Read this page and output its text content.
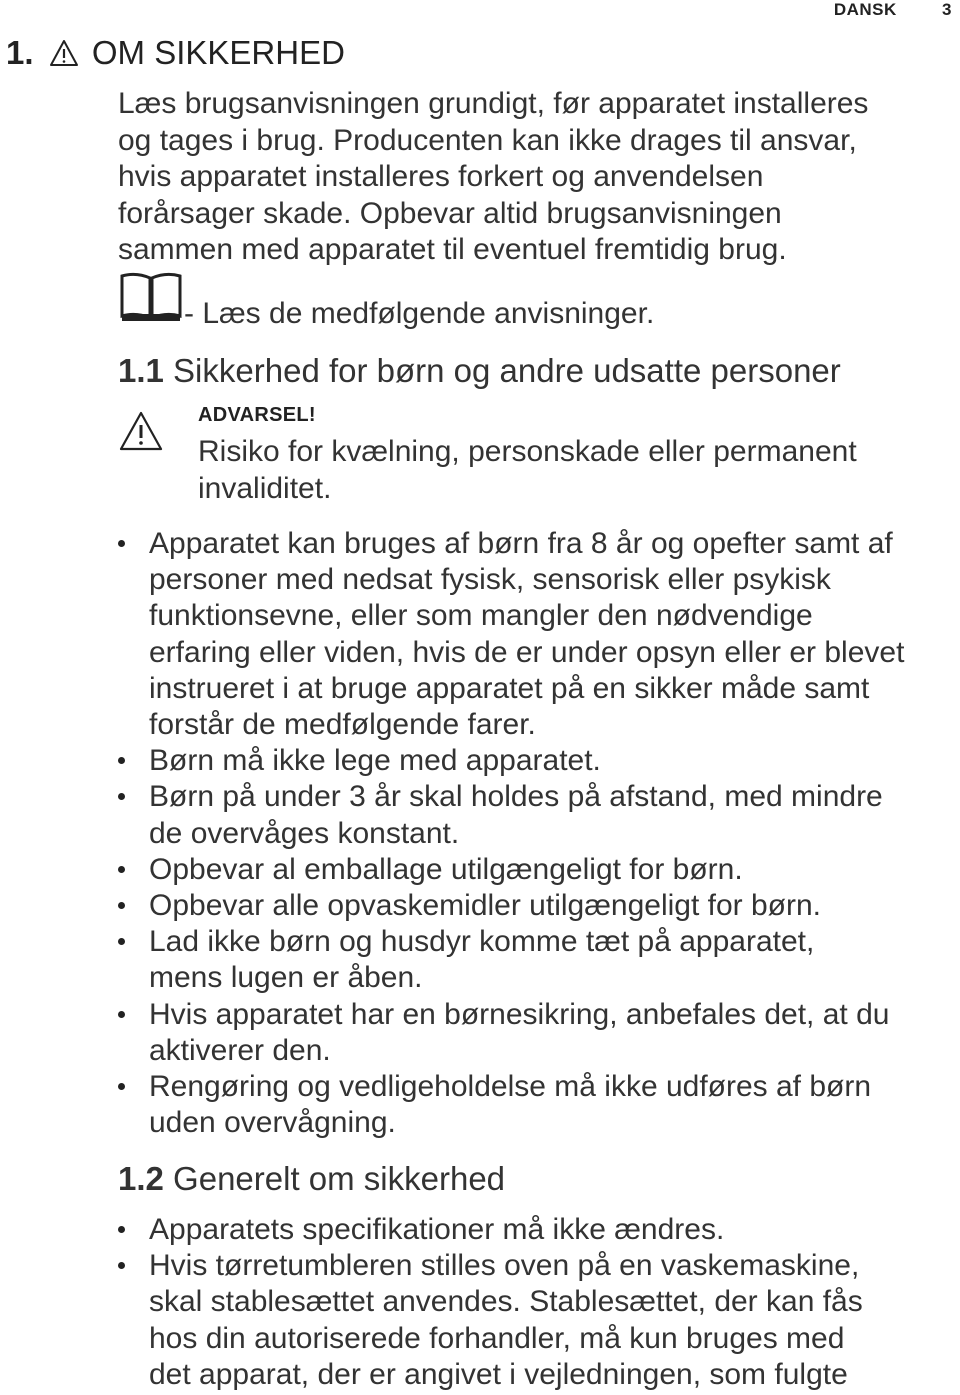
DANSK	3
1. OM SIKKERHED
Læs brugsanvisningen grundigt, før apparatet installeres
og tages i brug. Producenten kan ikke drages til ansvar,
hvis apparatet installeres forkert og anvendelsen
forårsager skade. Opbevar altid brugsanvisningen
sammen med apparatet til eventuel fremtidig brug.
- Læs de medfølgende anvisninger.
1.1 Sikkerhed for børn og andre udsatte personer
ADVARSEL!
Risiko for kvælning, personskade eller permanent
invaliditet.
Apparatet kan bruges af børn fra 8 år og opefter samt af
personer med nedsat fysisk, sensorisk eller psykisk
funktionsevne, eller som mangler den nødvendige
erfaring eller viden, hvis de er under opsyn eller er blevet
instrueret i at bruge apparatet på en sikker måde samt
forstår de medfølgende farer.
Børn må ikke lege med apparatet.
Børn på under 3 år skal holdes på afstand, med mindre
de overvåges konstant.
Opbevar al emballage utilgængeligt for børn.
Opbevar alle opvaskemidler utilgængeligt for børn.
Lad ikke børn og husdyr komme tæt på apparatet,
mens lugen er åben.
Hvis apparatet har en børnesikring, anbefales det, at du
aktiverer den.
Rengøring og vedligeholdelse må ikke udføres af børn
uden overvågning.
1.2 Generelt om sikkerhed
Apparatets specifikationer må ikke ændres.
Hvis tørretumbleren stilles oven på en vaskemaskine,
skal stablesættet anvendes. Stablesættet, der kan fås
hos din autoriserede forhandler, må kun bruges med
det apparat, der er angivet i vejledningen, som fulgte
